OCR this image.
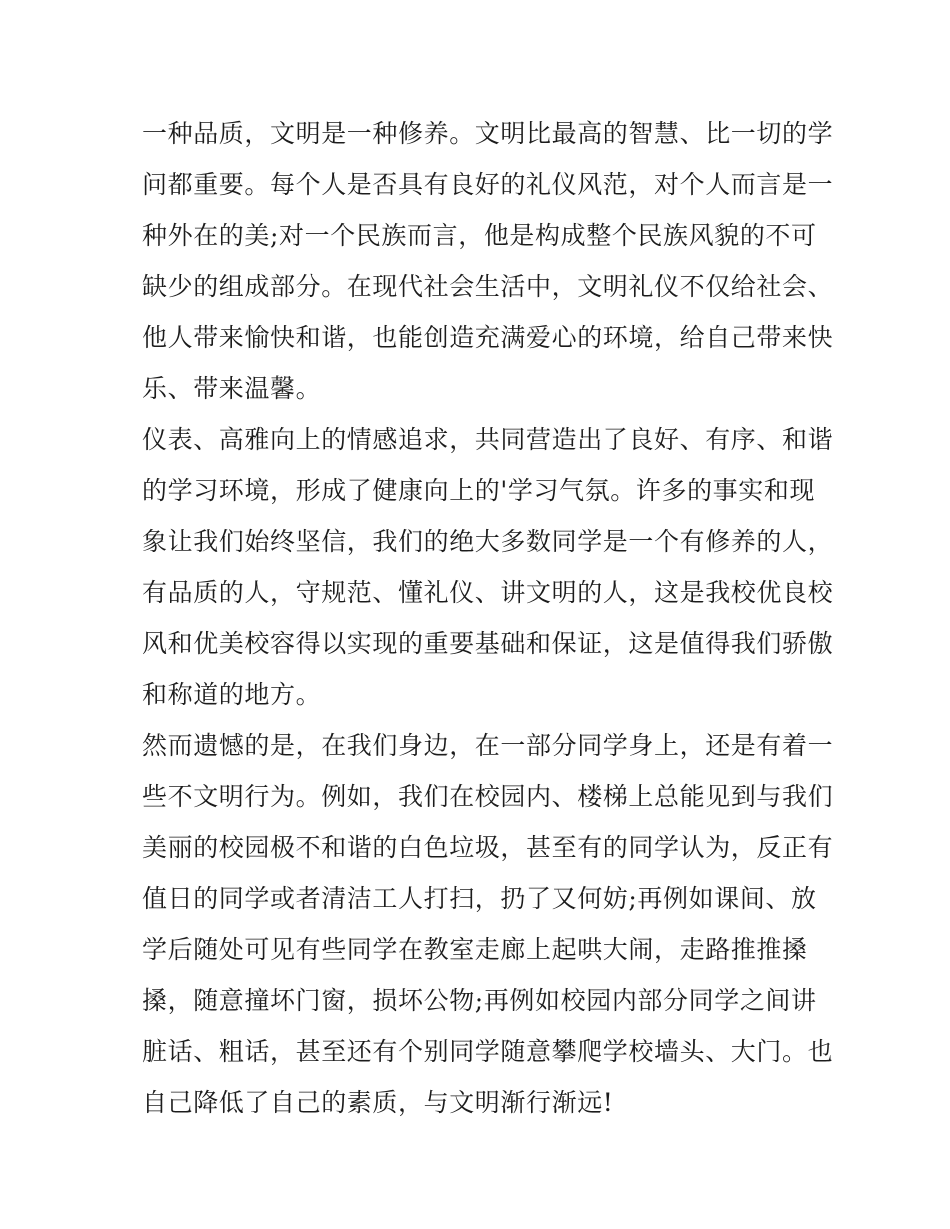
一种品质，文明是一种修养。文明比最高的智慧、比一切的学
问都重要。每个人是否具有良好的礼仪风范，对个人而言是一
种外在的美;对一个民族而言，他是构成整个民族风貌的不可
缺少的组成部分。在现代社会生活中，文明礼仪不仅给社会、
他人带来愉快和谐，也能创造充满爱心的环境，给自己带来快
乐、带来温馨。
仪表、高雅向上的情感追求，共同营造出了良好、有序、和谐
的学习环境，形成了健康向上的'学习气氛。许多的事实和现
象让我们始终坚信，我们的绝大多数同学是一个有修养的人，
有品质的人，守规范、懂礼仪、讲文明的人，这是我校优良校
风和优美校容得以实现的重要基础和保证，这是值得我们骄傲
和称道的地方。
然而遗憾的是，在我们身边，在一部分同学身上，还是有着一
些不文明行为。例如，我们在校园内、楼梯上总能见到与我们
美丽的校园极不和谐的白色垃圾，甚至有的同学认为，反正有
值日的同学或者清洁工人打扫，扔了又何妨;再例如课间、放
学后随处可见有些同学在教室走廊上起哄大闹，走路推推搡
搡，随意撞坏门窗，损坏公物;再例如校园内部分同学之间讲
脏话、粗话，甚至还有个别同学随意攀爬学校墙头、大门。也
自己降低了自己的素质，与文明渐行渐远!
